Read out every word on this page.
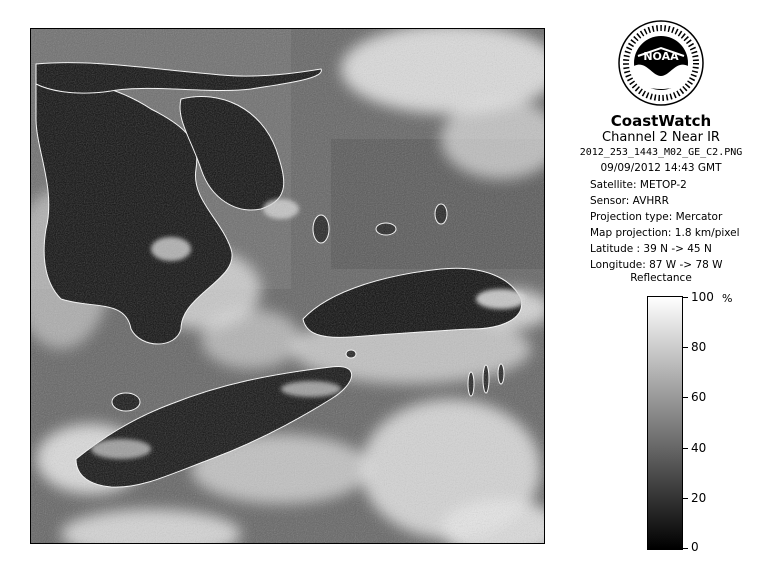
NOAA
CoastWatch
Channel 2 Near IR
2012_253_1443_M02_GE_C2.PNG
09/09/2012 14:43 GMT
Satellite: METOP-2
Sensor: AVHRR
Projection type: Mercator
Map projection: 1.8 km/pixel
Latitude : 39 N -> 45 N
Longitude: 87 W -> 78 W
Reflectance
%
100
80
60
40
20
0
